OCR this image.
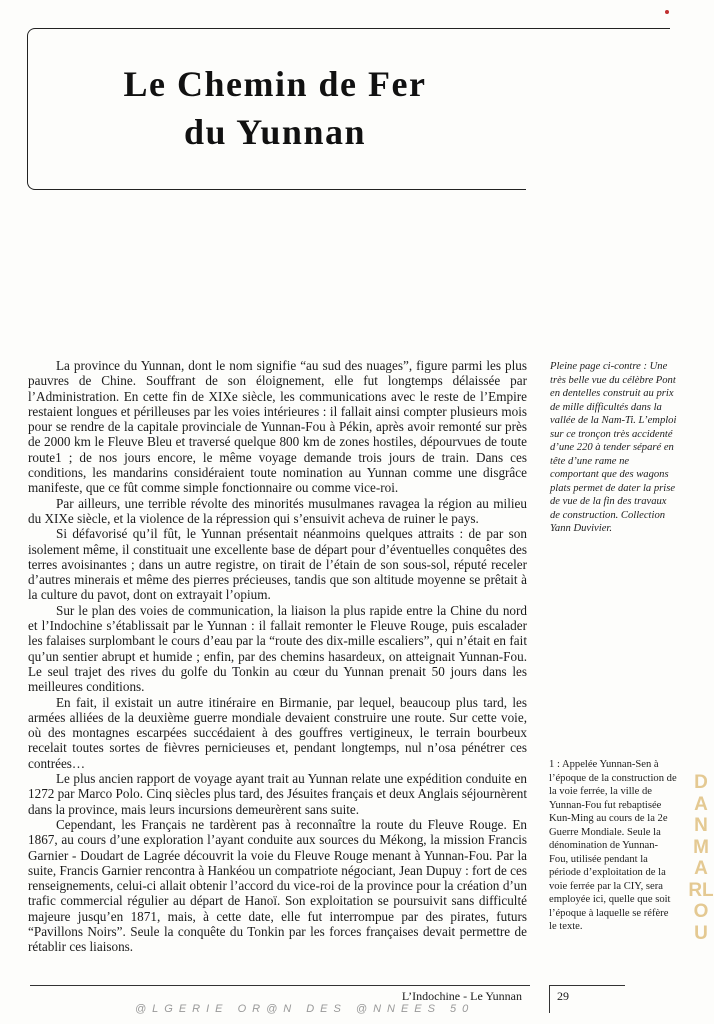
Le Chemin de Fer
du Yunnan

La province du Yunnan, dont le nom signifie “au sud des nuages”, figure parmi les plus pauvres de Chine. Souffrant de son éloignement, elle fut longtemps délaissée par l’Administration. En cette fin de XIXe siècle, les communications avec le reste de l’Empire restaient longues et périlleuses par les voies intérieures : il fallait ainsi compter plusieurs mois pour se rendre de la capitale provinciale de Yunnan-Fou à Pékin, après avoir remonté sur près de 2000 km le Fleuve Bleu et traversé quelque 800 km de zones hostiles, dépourvues de toute route1 ; de nos jours encore, le même voyage demande trois jours de train. Dans ces conditions, les mandarins considéraient toute nomination au Yunnan comme une disgrâce manifeste, que ce fût comme simple fonctionnaire ou comme vice-roi.

Par ailleurs, une terrible révolte des minorités musulmanes ravagea la région au milieu du XIXe siècle, et la violence de la répression qui s’ensuivit acheva de ruiner le pays.

Si défavorisé qu’il fût, le Yunnan présentait néanmoins quelques attraits : de par son isolement même, il constituait une excellente base de départ pour d’éventuelles conquêtes des terres avoisinantes ; dans un autre registre, on tirait de l’étain de son sous-sol, réputé receler d’autres minerais et même des pierres précieuses, tandis que son altitude moyenne se prêtait à la culture du pavot, dont on extrayait l’opium.

Sur le plan des voies de communication, la liaison la plus rapide entre la Chine du nord et l’Indochine s’établissait par le Yunnan : il fallait remonter le Fleuve Rouge, puis escalader les falaises surplombant le cours d’eau par la “route des dix-mille escaliers”, qui n’était en fait qu’un sentier abrupt et humide ; enfin, par des chemins hasardeux, on atteignait Yunnan-Fou. Le seul trajet des rives du golfe du Tonkin au cœur du Yunnan prenait 50 jours dans les meilleures conditions.

En fait, il existait un autre itinéraire en Birmanie, par lequel, beaucoup plus tard, les armées alliées de la deuxième guerre mondiale devaient construire une route. Sur cette voie, où des montagnes escarpées succédaient à des gouffres vertigineux, le terrain bourbeux recelait toutes sortes de fièvres pernicieuses et, pendant longtemps, nul n’osa pénétrer ces contrées…

Le plus ancien rapport de voyage ayant trait au Yunnan relate une expédition conduite en 1272 par Marco Polo. Cinq siècles plus tard, des Jésuites français et deux Anglais séjournèrent dans la province, mais leurs incursions demeurèrent sans suite.

Cependant, les Français ne tardèrent pas à reconnaître la route du Fleuve Rouge. En 1867, au cours d’une exploration l’ayant conduite aux sources du Mékong, la mission Francis Garnier - Doudart de Lagrée découvrit la voie du Fleuve Rouge menant à Yunnan-Fou. Par la suite, Francis Garnier rencontra à Hankéou un compatriote négociant, Jean Dupuy : fort de ces renseignements, celui-ci allait obtenir l’accord du vice-roi de la province pour la création d’un trafic commercial régulier au départ de Hanoï. Son exploitation se poursuivit sans difficulté majeure jusqu’en 1871, mais, à cette date, elle fut interrompue par des pirates, futurs “Pavillons Noirs”. Seule la conquête du Tonkin par les forces françaises devait permettre de rétablir ces liaisons.

Pleine page ci-contre : Une très belle vue du célèbre Pont en dentelles construit au prix de mille difficultés dans la vallée de la Nam-Ti. L’emploi sur ce tronçon très accidenté d’une 220 à tender séparé en tête d’une rame ne comportant que des wagons plats permet de dater la prise de vue de la fin des travaux de construction. Collection Yann Duvivier.
1 : Appelée Yunnan-Sen à l’époque de la construction de la voie ferrée, la ville de Yunnan-Fou fut rebaptisée Kun-Ming au cours de la 2e Guerre Mondiale. Seule la dénomination de Yunnan-Fou, utilisée pendant la période d’exploitation de la voie ferrée par la CIY, sera employée ici, quelle que soit l’époque à laquelle se réfère le texte.
DANMARLOU
L’Indochine - Le Yunnan	29
@LGERIE OR@N DES @NNEES 50
